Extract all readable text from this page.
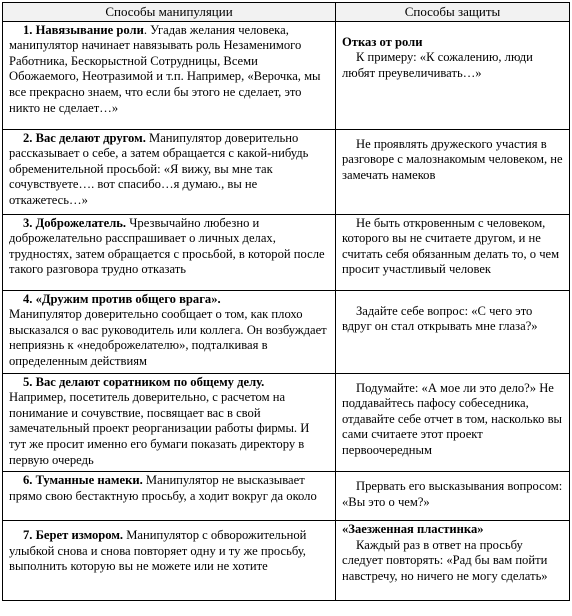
Способы манипуляции	Способы защиты
1. Навязывание роли. Угадав желания человека, манипулятор начинает навязывать роль Незаменимого Работника, Бескорыстной Сотрудницы, Всеми Обожаемого, Неотразимой и т.п. Например, «Верочка, мы все прекрасно знаем, что если бы этого не сделает, это никто не сделает…»	Отказ от роли
К примеру: «К сожалению, люди любят преувеличивать…»
2. Вас делают другом. Манипулятор доверительно рассказывает о себе, а затем обращается с какой-нибудь обременительной просьбой: «Я вижу, вы мне так сочувствуете…. вот спасибо…я думаю., вы не откажетесь…»	Не проявлять дружеского участия в разговоре с малознакомым человеком, не замечать намеков
3. Доброжелатель. Чрезвычайно любезно и доброжелательно расспрашивает о личных делах, трудностях, затем обращается с просьбой, в которой после такого разговора трудно отказать	Не быть откровенным с человеком, которого вы не считаете другом, и не считать себя обязанным делать то, о чем просит участливый человек
4. «Дружим против общего врага».
Манипулятор доверительно сообщает о том, как плохо высказался о вас руководитель или коллега. Он возбуждает неприязнь к «недоброжелателю», подталкивая в определенным действиям	Задайте себе вопрос: «С чего это вдруг он стал открывать мне глаза?»
5. Вас делают соратником по общему делу.
Например, посетитель доверительно, с расчетом на понимание и сочувствие, посвящает вас в свой замечательный проект реорганизации работы фирмы. И тут же просит именно его бумаги показать директору в первую очередь	Подумайте: «А мое ли это дело?» Не поддавайтесь пафосу собеседника, отдавайте себе отчет в том, насколько вы сами считаете этот проект первоочередным
6. Туманные намеки. Манипулятор не высказывает прямо свою бестактную просьбу, а ходит вокруг да около	Прервать его высказывания вопросом: «Вы это о чем?»

7. Берет измором. Манипулятор с обворожительной улыбкой снова и снова повторяет одну и ту же просьбу, выполнить которую вы не можете или не хотите	«Заезженная пластинка»
Каждый раз в ответ на просьбу следует повторять: «Рад бы вам пойти навстречу, но ничего не могу сделать»
